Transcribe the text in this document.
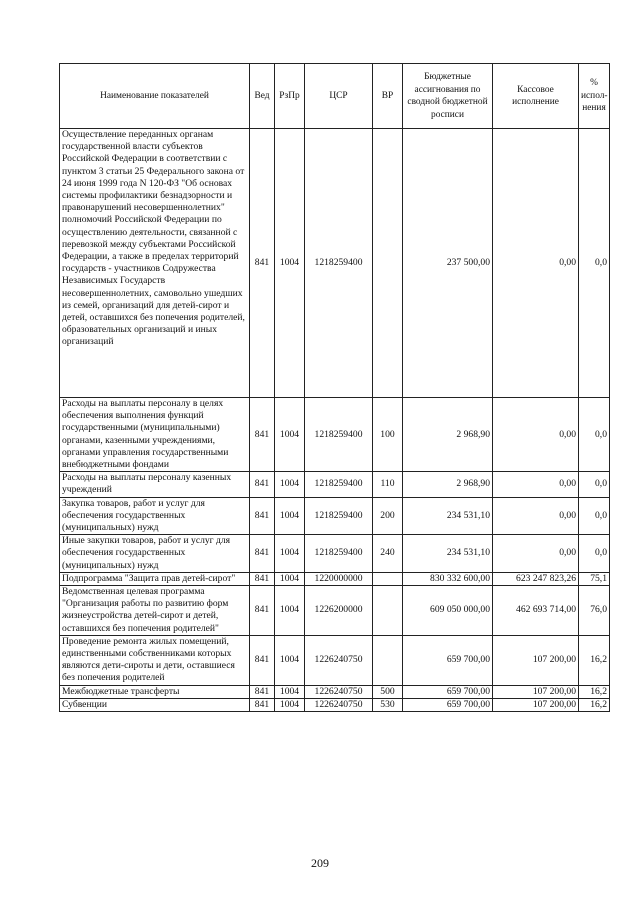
Наименование показателей	Вед	РзПр	ЦСР	ВР	Бюджетные ассигнования по сводной бюджетной росписи	Кассовое исполнение	% испол-нения
Осуществление переданных органам государственной власти субъектов Российской Федерации в соответствии с пунктом 3 статьи 25 Федерального закона от 24 июня 1999 года N 120-ФЗ "Об основах системы профилактики безнадзорности и правонарушений несовершеннолетних" полномочий Российской Федерации по осуществлению деятельности, связанной с перевозкой между субъектами Российской Федерации, а также в пределах территорий государств - участников Содружества Независимых Государств несовершеннолетних, самовольно ушедших из семей, организаций для детей-сирот и детей, оставшихся без попечения родителей, образовательных организаций и иных организаций	841	1004	1218259400		237 500,00	0,00	0,0
Расходы на выплаты персоналу в целях обеспечения выполнения функций государственными (муниципальными) органами, казенными учреждениями, органами управления государственными внебюджетными фондами	841	1004	1218259400	100	2 968,90	0,00	0,0
Расходы на выплаты персоналу казенных учреждений	841	1004	1218259400	110	2 968,90	0,00	0,0
Закупка товаров, работ и услуг для обеспечения государственных (муниципальных) нужд	841	1004	1218259400	200	234 531,10	0,00	0,0
Иные закупки товаров, работ и услуг для обеспечения государственных (муниципальных) нужд	841	1004	1218259400	240	234 531,10	0,00	0,0
Подпрограмма "Защита прав детей-сирот"	841	1004	1220000000		830 332 600,00	623 247 823,26	75,1
Ведомственная целевая программа "Организация работы по развитию форм жизнеустройства детей-сирот и детей, оставшихся без попечения родителей"	841	1004	1226200000		609 050 000,00	462 693 714,00	76,0
Проведение ремонта жилых помещений, единственными собственниками которых являются дети-сироты и дети, оставшиеся без попечения родителей	841	1004	1226240750		659 700,00	107 200,00	16,2
Межбюджетные трансферты	841	1004	1226240750	500	659 700,00	107 200,00	16,2
Субвенции	841	1004	1226240750	530	659 700,00	107 200,00	16,2
209
